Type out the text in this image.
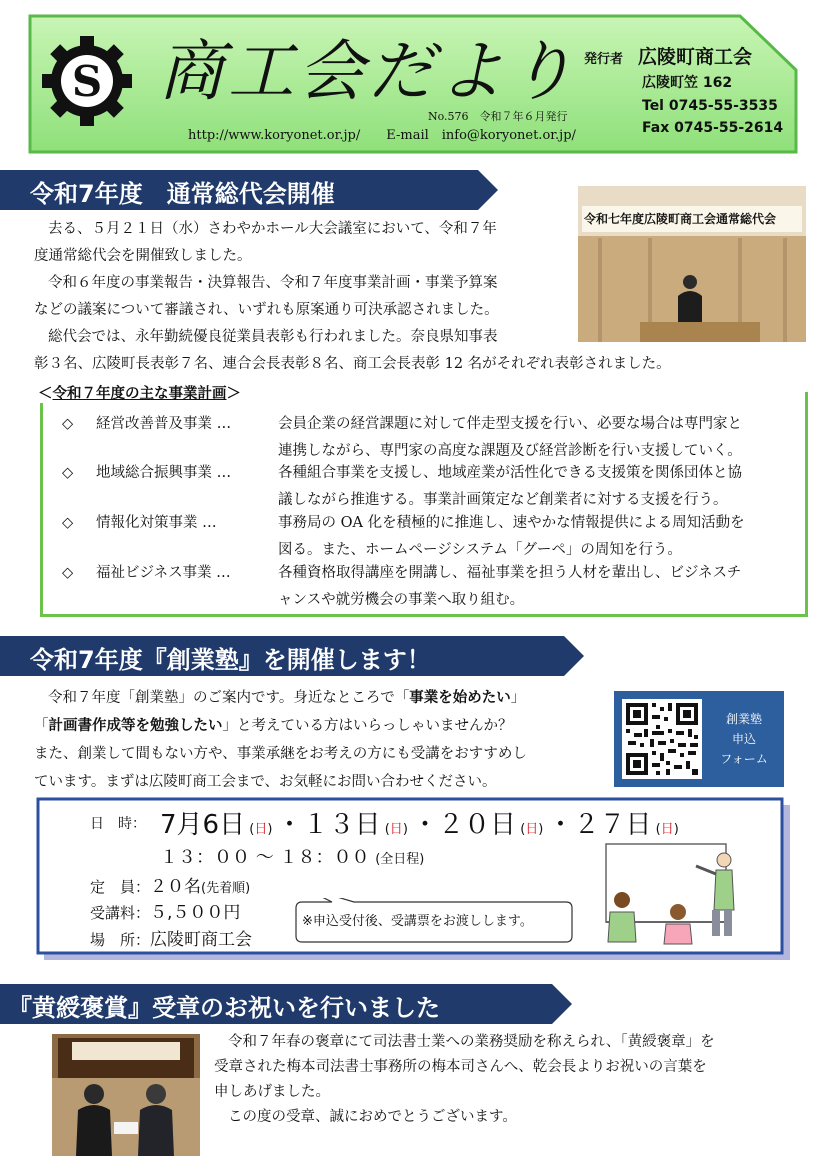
S 商工会だより
No.576　令和７年６月発行
http://www.koryonet.or.jp/　　E-mail　info@koryonet.or.jp/
発行者 広陵町商工会
広陵町笠 162
Tel 0745-55-3535
Fax 0745-55-2614
令和7年度　通常総代会開催
去る、５月２１日（水）さわやかホール大会議室において、令和７年
度通常総代会を開催致しました。
令和６年度の事業報告・決算報告、令和７年度事業計画・事業予算案
などの議案について審議され、いずれも原案通り可決承認されました。
総代会では、永年勤続優良従業員表彰も行われました。奈良県知事表
彰３名、広陵町長表彰７名、連合会長表彰８名、商工会長表彰 12 名がそれぞれ表彰されました。
令和七年度広陵町商工会通常総代会
＜令和７年度の主な事業計画＞
◇ 経営改善普及事業 …	会員企業の経営課題に対して伴走型支援を行い、必要な場合は専門家と
連携しながら、専門家の高度な課題及び経営診断を行い支援していく。
◇ 地域総合振興事業 …	各種組合事業を支援し、地域産業が活性化できる支援策を関係団体と協
議しながら推進する。事業計画策定など創業者に対する支援を行う。
◇ 情報化対策事業 …	事務局の OA 化を積極的に推進し、速やかな情報提供による周知活動を
図る。また、ホームページシステム「グーペ」の周知を行う。
◇ 福祉ビジネス事業 …	各種資格取得講座を開講し、福祉事業を担う人材を輩出し、ビジネスチ
ャンスや就労機会の事業へ取り組む。
令和7年度『創業塾』を開催します！
令和７年度「創業塾」のご案内です。身近なところで「事業を始めたい」
「計画書作成等を勉強したい」と考えている方はいらっしゃいませんか？
また、創業して間もない方や、事業承継をお考えの方にも受講をおすすめし
ています。まずは広陵町商工会まで、お気軽にお問い合わせください。
創業塾
申込
フォーム
日　時： 7月6日 (日) ・１３日 (日) ・２０日 (日) ・２７日 (日)
１３：００ ～ １８：００ (全日程)
定　員：２０名(先着順)
受講料：５,５００円
場　所：広陵町商工会
※申込受付後、受講票をお渡しします。
『黄綬褒賞』受章のお祝いを行いました
令和７年春の褒章にて司法書士業への業務奨励を称えられ、「黄綬褒章」を
受章された梅本司法書士事務所の梅本司さんへ、乾会長よりお祝いの言葉を
申しあげました。
この度の受章、誠におめでとうございます。
